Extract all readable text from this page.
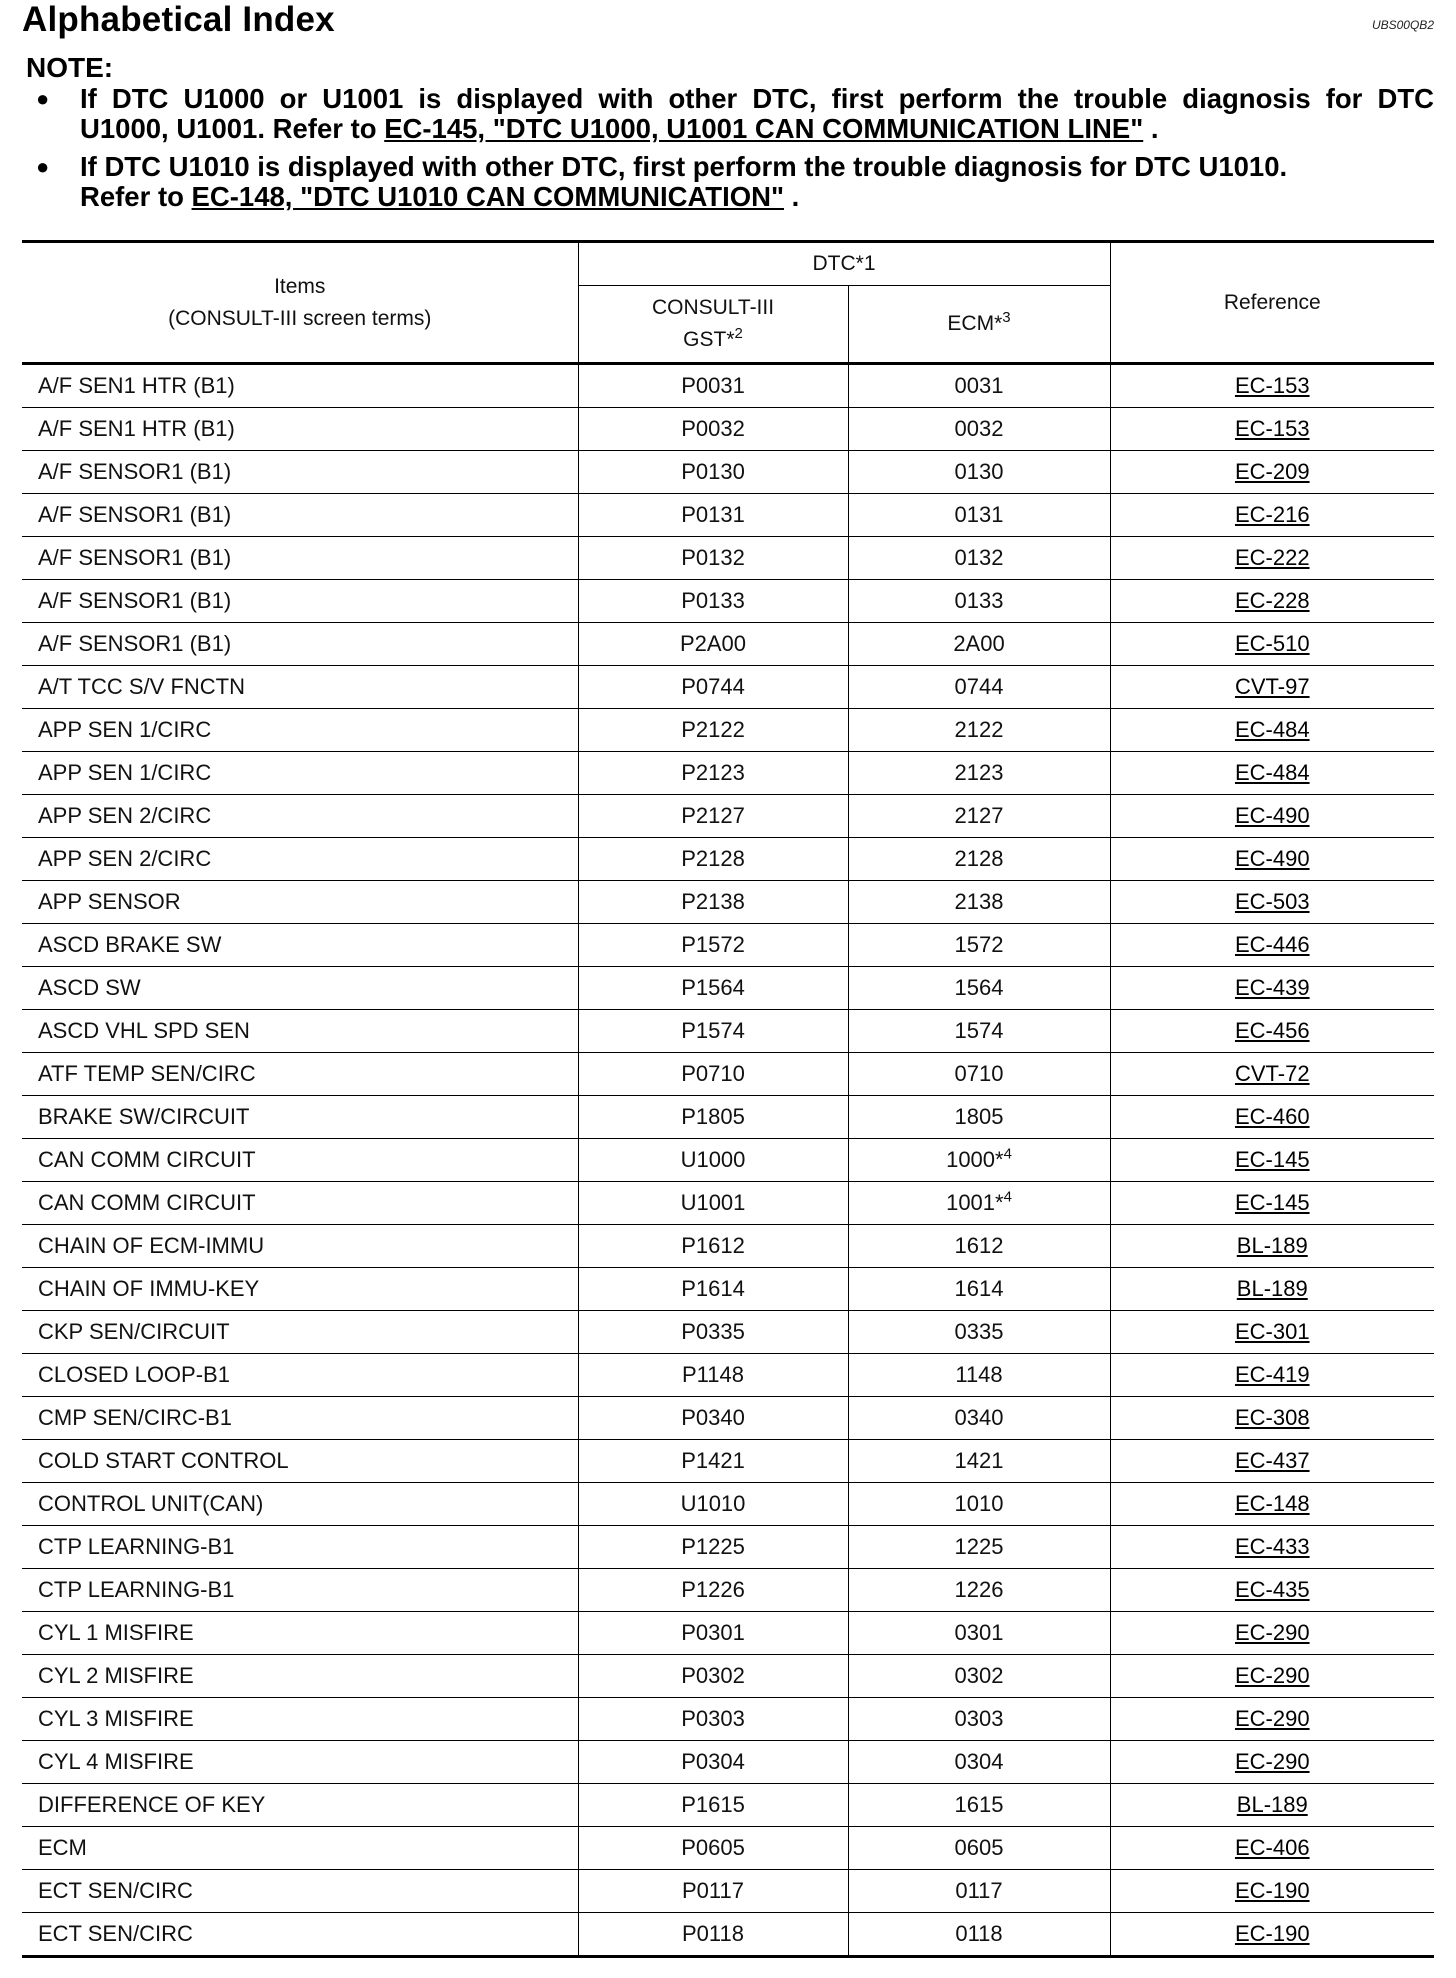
Alphabetical Index	UBS00QB2
NOTE:
● If DTC U1000 or U1001 is displayed with other DTC, first perform the trouble diagnosis for DTC
U1000, U1001. Refer to EC-145, "DTC U1000, U1001 CAN COMMUNICATION LINE" .
● If DTC U1010 is displayed with other DTC, first perform the trouble diagnosis for DTC U1010.
Refer to EC-148, "DTC U1010 CAN COMMUNICATION" .
Items
(CONSULT-III screen terms)	DTC*1		Reference

	CONSULT-III
GST*$^2$	ECM*$^3$
A/F SEN1 HTR (B1)	P0031	0031	EC-153
A/F SEN1 HTR (B1)	P0032	0032	EC-153
A/F SENSOR1 (B1)	P0130	0130	EC-209
A/F SENSOR1 (B1)	P0131	0131	EC-216
A/F SENSOR1 (B1)	P0132	0132	EC-222
A/F SENSOR1 (B1)	P0133	0133	EC-228
A/F SENSOR1 (B1)	P2A00	2A00	EC-510
A/T TCC S/V FNCTN	P0744	0744	CVT-97
APP SEN 1/CIRC	P2122	2122	EC-484
APP SEN 1/CIRC	P2123	2123	EC-484
APP SEN 2/CIRC	P2127	2127	EC-490
APP SEN 2/CIRC	P2128	2128	EC-490
APP SENSOR	P2138	2138	EC-503
ASCD BRAKE SW	P1572	1572	EC-446
ASCD SW	P1564	1564	EC-439
ASCD VHL SPD SEN	P1574	1574	EC-456
ATF TEMP SEN/CIRC	P0710	0710	CVT-72
BRAKE SW/CIRCUIT	P1805	1805	EC-460
CAN COMM CIRCUIT	U1000	1000*$^4$	EC-145
CAN COMM CIRCUIT	U1001	1001*$^4$	EC-145
CHAIN OF ECM-IMMU	P1612	1612	BL-189
CHAIN OF IMMU-KEY	P1614	1614	BL-189
CKP SEN/CIRCUIT	P0335	0335	EC-301
CLOSED LOOP-B1	P1148	1148	EC-419
CMP SEN/CIRC-B1	P0340	0340	EC-308
COLD START CONTROL	P1421	1421	EC-437
CONTROL UNIT(CAN)	U1010	1010	EC-148
CTP LEARNING-B1	P1225	1225	EC-433
CTP LEARNING-B1	P1226	1226	EC-435
CYL 1 MISFIRE	P0301	0301	EC-290
CYL 2 MISFIRE	P0302	0302	EC-290
CYL 3 MISFIRE	P0303	0303	EC-290
CYL 4 MISFIRE	P0304	0304	EC-290
DIFFERENCE OF KEY	P1615	1615	BL-189
ECM	P0605	0605	EC-406
ECT SEN/CIRC	P0117	0117	EC-190
ECT SEN/CIRC	P0118	0118	EC-190
